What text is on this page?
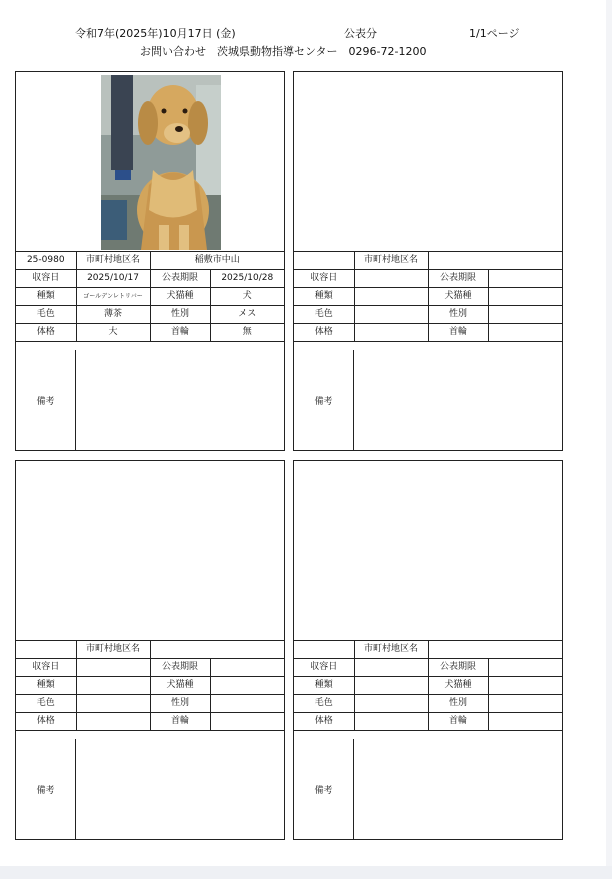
令和7年(2025年)10月17日 (金)	公表分	1/1ページ
お問い合わせ　茨城県動物指導センター　0296-72-1200
25-0980	市町村地区名	稲敷市中山	
収容日	2025/10/17	公表期限	2025/10/28
種類	ゴールデンレトリバー	犬猫種	犬
毛色	薄茶	性別	メス
体格	大	首輪	無
備考
	市町村地区名		
収容日		公表期限	
種類		犬猫種	
毛色		性別	
体格		首輪	
備考
	市町村地区名		
収容日		公表期限	
種類		犬猫種	
毛色		性別	
体格		首輪	
備考
	市町村地区名		
収容日		公表期限	
種類		犬猫種	
毛色		性別	
体格		首輪	
備考
